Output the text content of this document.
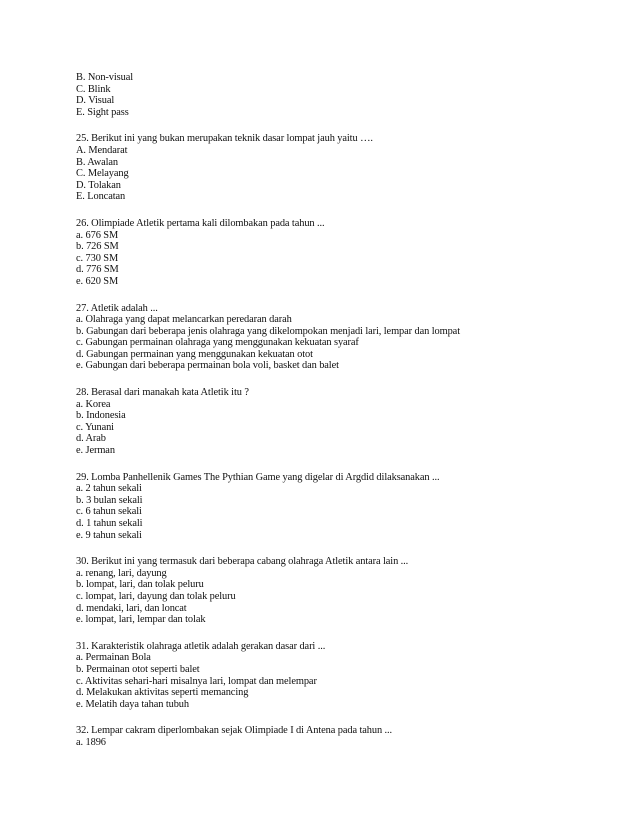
B. Non-visual
C. Blink
D. Visual
E. Sight pass
25. Berikut ini yang bukan merupakan teknik dasar lompat jauh yaitu ….
A. Mendarat
B. Awalan
C. Melayang
D. Tolakan
E. Loncatan
26. Olimpiade Atletik pertama kali dilombakan pada tahun ...
a. 676 SM
b. 726 SM
c. 730 SM
d. 776 SM
e. 620 SM
27. Atletik adalah ...
a. Olahraga yang dapat melancarkan peredaran darah
b. Gabungan dari beberapa jenis olahraga yang dikelompokan menjadi lari, lempar dan lompat
c. Gabungan permainan olahraga yang menggunakan kekuatan syaraf
d. Gabungan permainan yang menggunakan kekuatan otot
e. Gabungan dari beberapa permainan bola voli, basket dan balet
28. Berasal dari manakah kata Atletik itu ?
a. Korea
b. Indonesia
c. Yunani
d. Arab
e. Jerman
29. Lomba Panhellenik Games The Pythian Game yang digelar di Argdid dilaksanakan ...
a. 2 tahun sekali
b. 3 bulan sekali
c. 6 tahun sekali
d. 1 tahun sekali
e. 9 tahun sekali
30. Berikut ini yang termasuk dari beberapa cabang olahraga Atletik antara lain ...
a. renang, lari, dayung
b. lompat, lari, dan tolak peluru
c. lompat, lari, dayung dan tolak peluru
d. mendaki, lari, dan loncat
e. lompat, lari, lempar dan tolak
31. Karakteristik olahraga atletik adalah gerakan dasar dari ...
a. Permainan Bola
b. Permainan otot seperti balet
c. Aktivitas sehari-hari misalnya lari, lompat dan melempar
d. Melakukan aktivitas seperti memancing
e. Melatih daya tahan tubuh
32. Lempar cakram diperlombakan sejak Olimpiade I di Antena pada tahun ...
a. 1896
